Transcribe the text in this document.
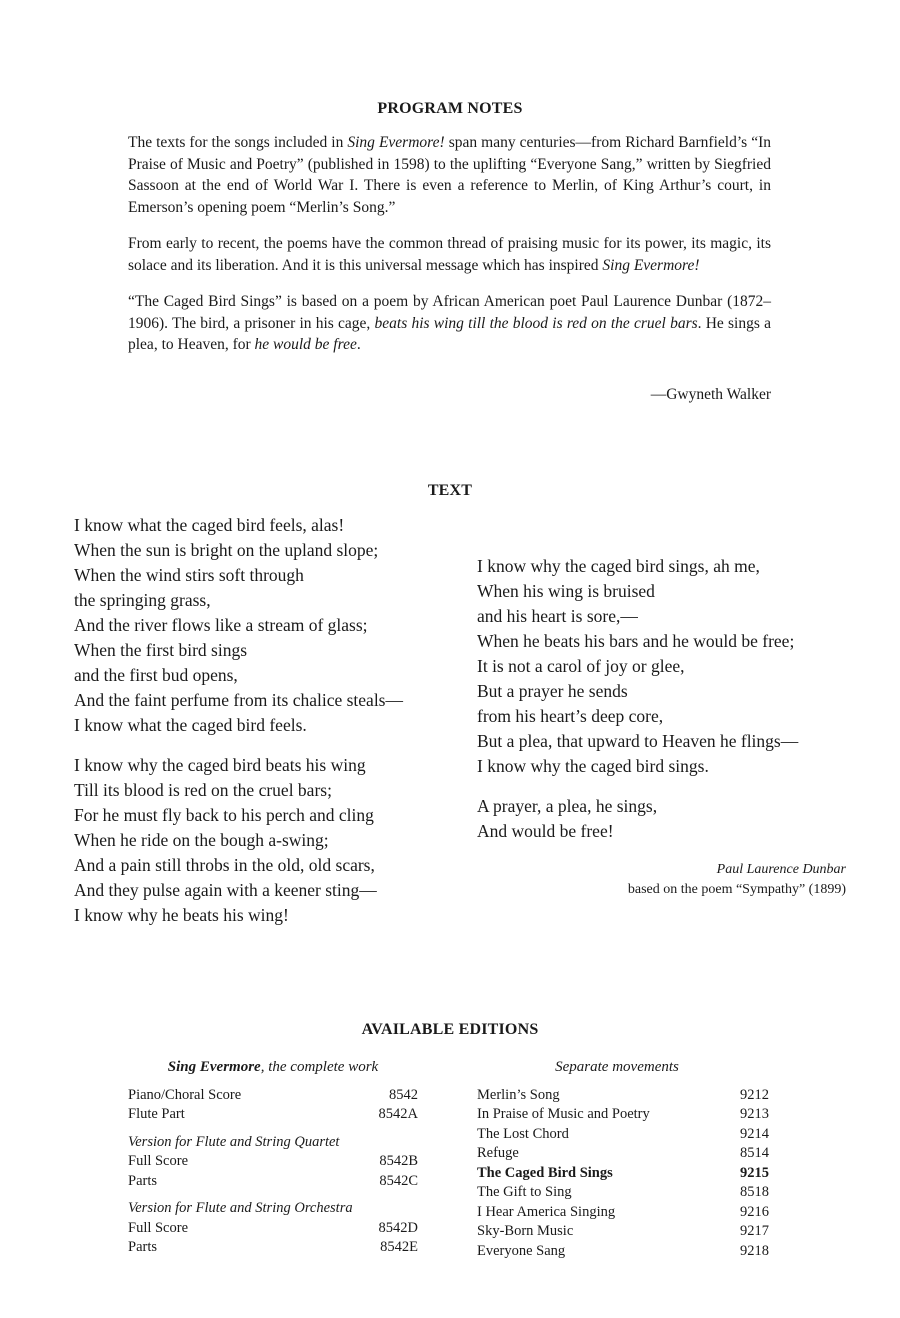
PROGRAM NOTES

The texts for the songs included in Sing Evermore! span many centuries—from Richard Barnfield’s “In Praise of Music and Poetry” (published in 1598) to the uplifting “Everyone Sang,” written by Siegfried Sassoon at the end of World War I. There is even a reference to Merlin, of King Arthur’s court, in Emerson’s opening poem “Merlin’s Song.”

From early to recent, the poems have the common thread of praising music for its power, its magic, its solace and its liberation. And it is this universal message which has inspired Sing Evermore!

“The Caged Bird Sings” is based on a poem by African American poet Paul Laurence Dunbar (1872–1906). The bird, a prisoner in his cage, beats his wing till the blood is red on the cruel bars. He sings a plea, to Heaven, for he would be free.

—Gwyneth Walker
TEXT
I know what the caged bird feels, alas!
When the sun is bright on the upland slope;
When the wind stirs soft through
the springing grass,
And the river flows like a stream of glass;
When the first bird sings
and the first bud opens,
And the faint perfume from its chalice steals—
I know what the caged bird feels.
I know why the caged bird beats his wing
Till its blood is red on the cruel bars;
For he must fly back to his perch and cling
When he ride on the bough a-swing;
And a pain still throbs in the old, old scars,
And they pulse again with a keener sting—
I know why he beats his wing!
I know why the caged bird sings, ah me,
When his wing is bruised
and his heart is sore,—
When he beats his bars and he would be free;
It is not a carol of joy or glee,
But a prayer he sends
from his heart’s deep core,
But a plea, that upward to Heaven he flings—
I know why the caged bird sings.
A prayer, a plea, he sings,
And would be free!
Paul Laurence Dunbar
based on the poem “Sympathy” (1899)
AVAILABLE EDITIONS
Sing Evermore, the complete work
Piano/Choral Score	8542
Flute Part	8542A
Version for Flute and String Quartet
Full Score	8542B
Parts	8542C
Version for Flute and String Orchestra
Full Score	8542D
Parts	8542E
Separate movements
Merlin’s Song	9212
In Praise of Music and Poetry	9213
The Lost Chord	9214
Refuge	8514
The Caged Bird Sings	9215
The Gift to Sing	8518
I Hear America Singing	9216
Sky-Born Music	9217
Everyone Sang	9218
